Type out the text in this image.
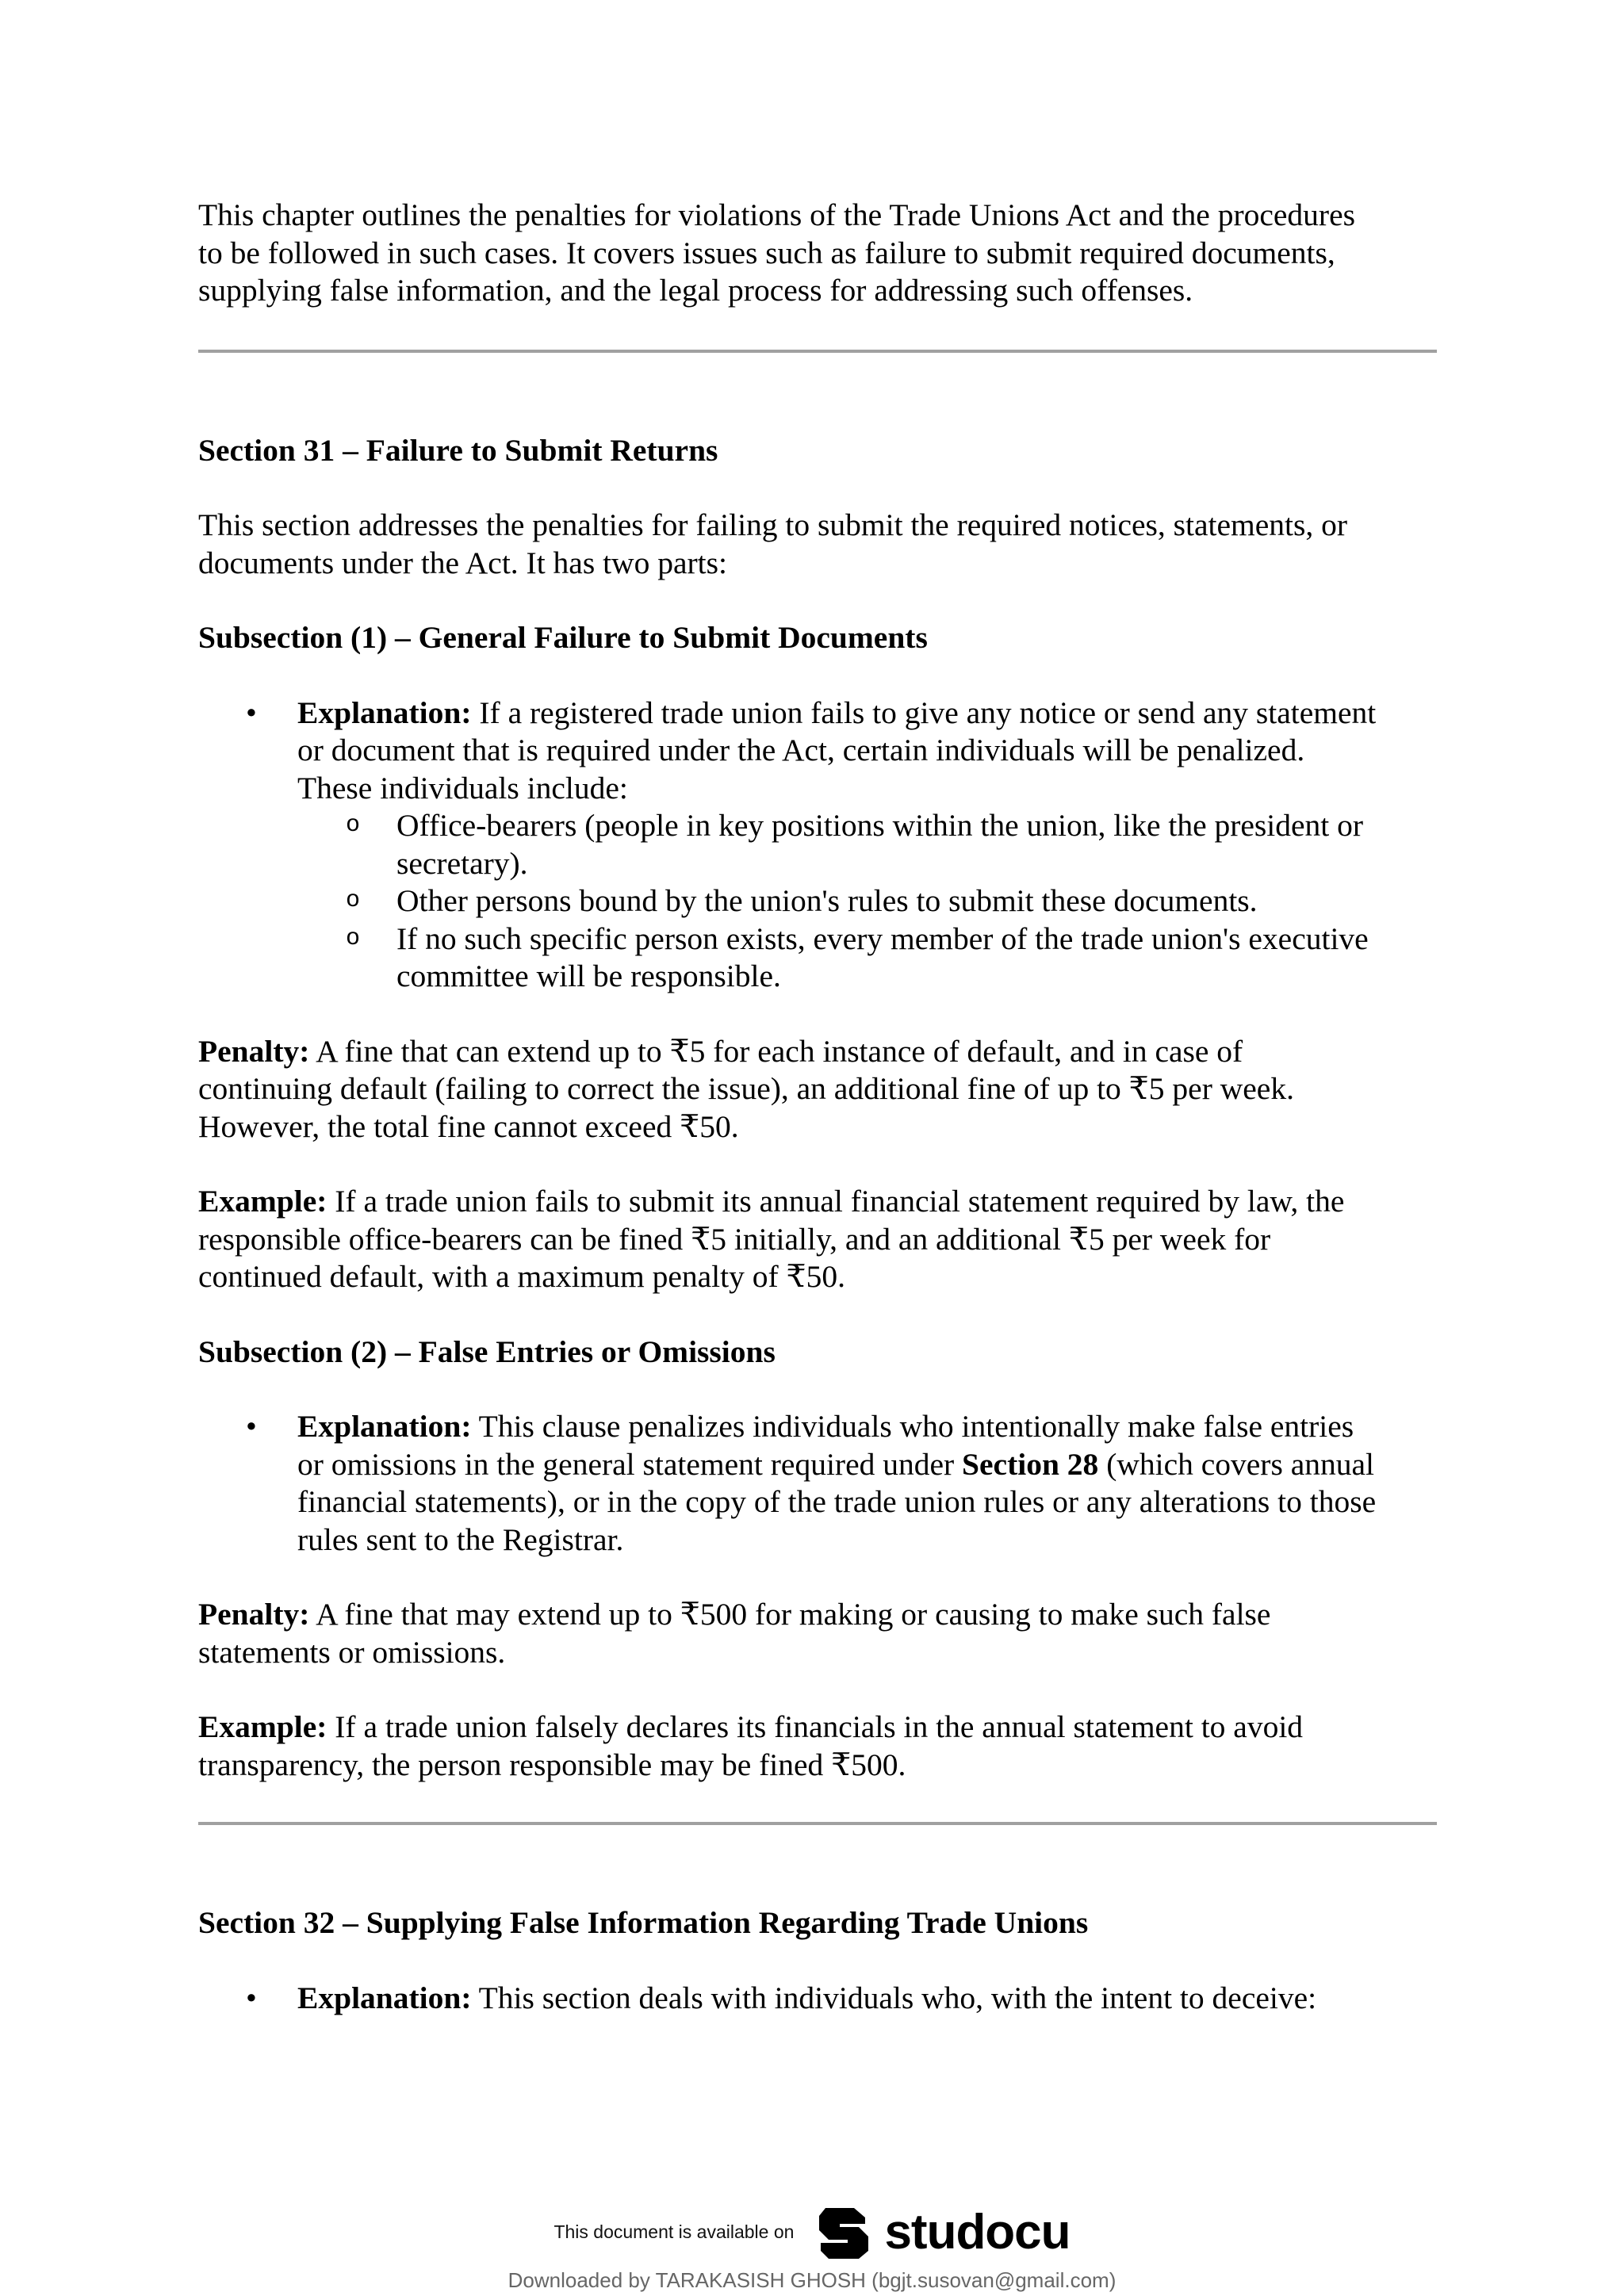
This chapter outlines the penalties for violations of the Trade Unions Act and the procedures

to be followed in such cases. It covers issues such as failure to submit required documents,

supplying false information, and the legal process for addressing such offenses.

Section 31 – Failure to Submit Returns

This section addresses the penalties for failing to submit the required notices, statements, or

documents under the Act. It has two parts:

Subsection (1) – General Failure to Submit Documents

• Explanation: If a registered trade union fails to give any notice or send any statement

or document that is required under the Act, certain individuals will be penalized.

These individuals include:

o Office-bearers (people in key positions within the union, like the president or

secretary).

o Other persons bound by the union's rules to submit these documents.

o If no such specific person exists, every member of the trade union's executive

committee will be responsible.

Penalty: A fine that can extend up to ₹5 for each instance of default, and in case of

continuing default (failing to correct the issue), an additional fine of up to ₹5 per week.

However, the total fine cannot exceed ₹50.

Example: If a trade union fails to submit its annual financial statement required by law, the

responsible office-bearers can be fined ₹5 initially, and an additional ₹5 per week for

continued default, with a maximum penalty of ₹50.

Subsection (2) – False Entries or Omissions

• Explanation: This clause penalizes individuals who intentionally make false entries

or omissions in the general statement required under Section 28 (which covers annual

financial statements), or in the copy of the trade union rules or any alterations to those

rules sent to the Registrar.

Penalty: A fine that may extend up to ₹500 for making or causing to make such false

statements or omissions.

Example: If a trade union falsely declares its financials in the annual statement to avoid

transparency, the person responsible may be fined ₹500.

Section 32 – Supplying False Information Regarding Trade Unions

• Explanation: This section deals with individuals who, with the intent to deceive:

This document is available on studocu
Downloaded by TARAKASISH GHOSH (bgjt.susovan@gmail.com)
